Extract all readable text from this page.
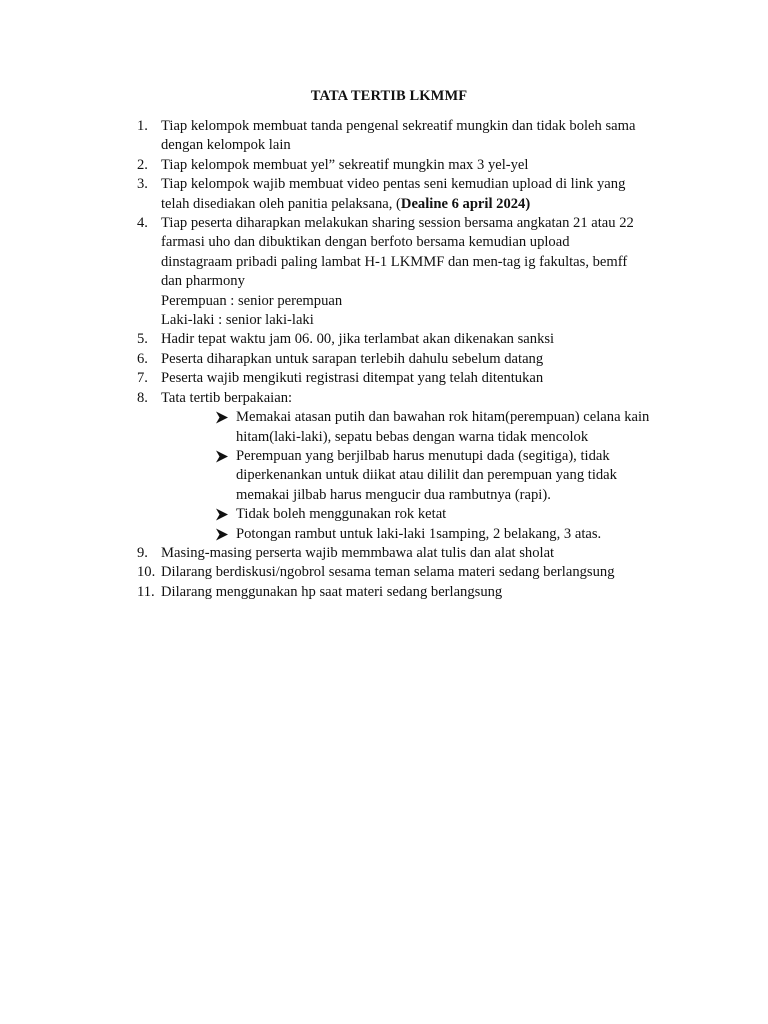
TATA TERTIB LKMMF
1. Tiap kelompok membuat tanda pengenal sekreatif mungkin dan tidak boleh sama
dengan kelompok lain
2. Tiap kelompok membuat yel” sekreatif mungkin max 3 yel-yel
3. Tiap kelompok wajib membuat video pentas seni kemudian upload di link yang
telah disediakan oleh panitia pelaksana, (Dealine 6 april 2024)
4. Tiap peserta diharapkan melakukan sharing session bersama angkatan 21 atau 22
farmasi uho dan dibuktikan dengan berfoto bersama kemudian upload
dinstagraam pribadi paling lambat H-1 LKMMF dan men-tag ig fakultas, bemff
dan pharmony
Perempuan : senior perempuan
Laki-laki : senior laki-laki
5. Hadir tepat waktu jam 06. 00, jika terlambat akan dikenakan sanksi
6. Peserta diharapkan untuk sarapan terlebih dahulu sebelum datang
7. Peserta wajib mengikuti registrasi ditempat yang telah ditentukan
8. Tata tertib berpakaian:
Memakai atasan putih dan bawahan rok hitam(perempuan) celana kain
hitam(laki-laki), sepatu bebas dengan warna tidak mencolok
Perempuan yang berjilbab harus menutupi dada (segitiga), tidak
diperkenankan untuk diikat atau dililit dan perempuan yang tidak
memakai jilbab harus mengucir dua rambutnya (rapi).
Tidak boleh menggunakan rok ketat
Potongan rambut untuk laki-laki 1samping, 2 belakang, 3 atas.
9. Masing-masing perserta wajib memmbawa alat tulis dan alat sholat
10. Dilarang berdiskusi/ngobrol sesama teman selama materi sedang berlangsung
11. Dilarang menggunakan hp saat materi sedang berlangsung
